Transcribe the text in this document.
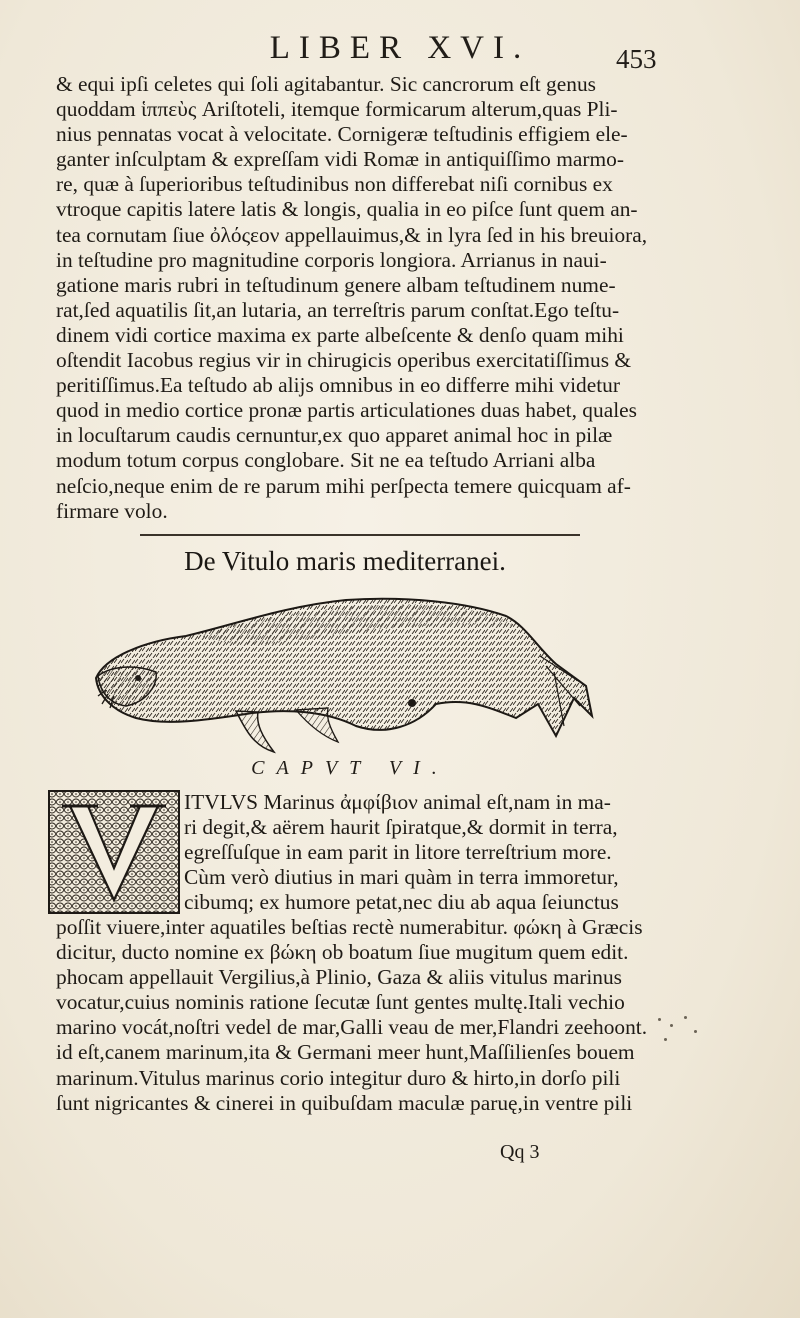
LIBER XVI.	453
& equi ipſi celetes qui ſoli agitabantur. Sic cancrorum eſt genus
quoddam ἱππεὺς Ariſtoteli, itemque formicarum alterum,quas Pli-
nius pennatas vocat à velocitate. Cornigeræ teſtudinis effigiem ele-
ganter inſculptam & expreſſam vidi Romæ in antiquiſſimo marmo-
re, quæ à ſuperioribus teſtudinibus non differebat niſi cornibus ex
vtroque capitis latere latis & longis, qualia in eo piſce ſunt quem an-
tea cornutam ſiue ὀλόςεον appellauimus,& in lyra ſed in his breuiora,
in teſtudine pro magnitudine corporis longiora. Arrianus in naui-
gatione maris rubri in teſtudinum genere albam teſtudinem nume-
rat,ſed aquatilis ſit,an lutaria, an terreſtris parum conſtat.Ego teſtu-
dinem vidi cortice maxima ex parte albeſcente & denſo quam mihi
oſtendit Iacobus regius vir in chirugicis operibus exercitatiſſimus &
peritiſſimus.Ea teſtudo ab alijs omnibus in eo differre mihi videtur
quod in medio cortice pronæ partis articulationes duas habet, quales
in locuſtarum caudis cernuntur,ex quo apparet animal hoc in pilæ
modum totum corpus conglobare. Sit ne ea teſtudo Arriani alba
neſcio,neque enim de re parum mihi perſpecta temere quicquam af-
firmare volo.
De Vitulo maris mediterranei.
CAPVT VI.
ITVLVS Marinus ἀμφίβιον animal eſt,nam in ma-
ri degit,& aërem haurit ſpiratque,& dormit in terra,
egreſſuſque in eam parit in litore terreſtrium more.
Cùm verò diutius in mari quàm in terra immoretur,
cibumq; ex humore petat,nec diu ab aqua ſeiunctus
poſſit viuere,inter aquatiles beſtias rectè numerabitur. φώκη à Græcis
dicitur, ducto nomine ex βώκη ob boatum ſiue mugitum quem edit.
phocam appellauit Vergilius,à Plinio, Gaza & aliis vitulus marinus
vocatur,cuius nominis ratione ſecutæ ſunt gentes multę.Itali vechio
marino vocát,noſtri vedel de mar,Galli veau de mer,Flandri zeehoont.
id eſt,canem marinum,ita & Germani meer hunt,Maſſilienſes bouem
marinum.Vitulus marinus corio integitur duro & hirto,in dorſo pili
ſunt nigricantes & cinerei in quibuſdam maculæ paruę,in ventre pili
Qq 3
